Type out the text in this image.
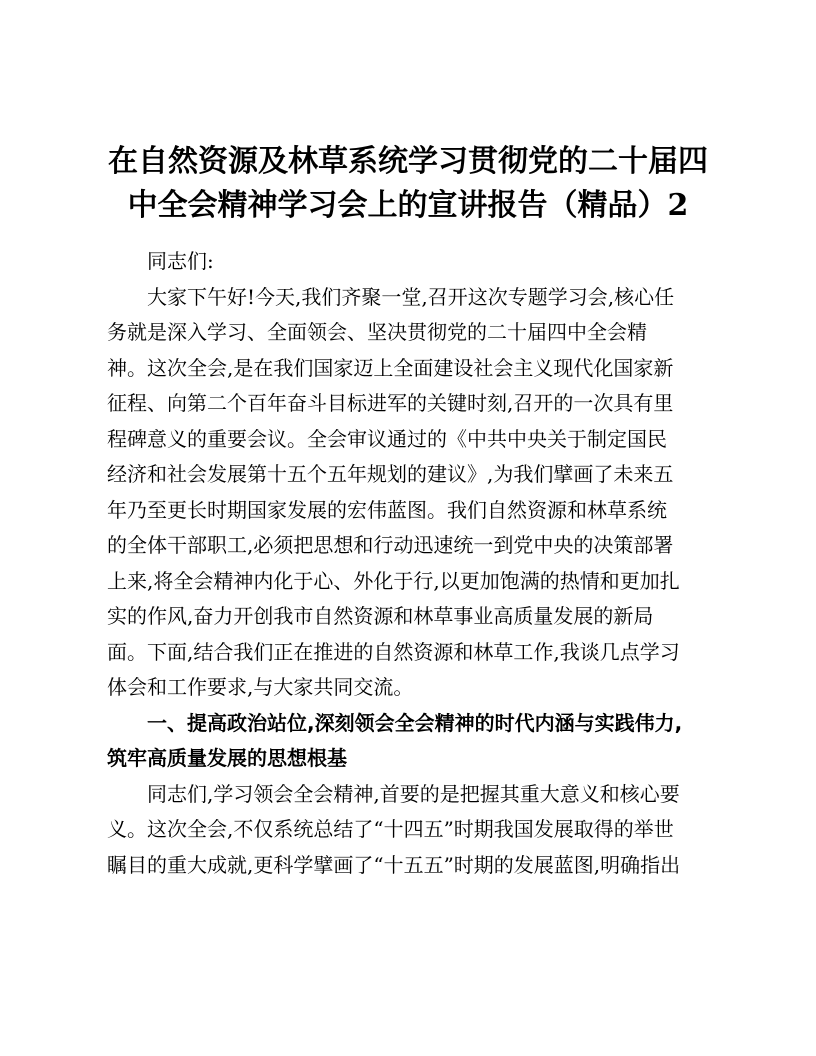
在自然资源及林草系统学习贯彻党的二十届四
中全会精神学习会上的宣讲报告（精品）2

同志们:

大家下午好!今天,我们齐聚一堂,召开这次专题学习会,核心任
务就是深入学习、全面领会、坚决贯彻党的二十届四中全会精
神。这次全会,是在我们国家迈上全面建设社会主义现代化国家新
征程、向第二个百年奋斗目标进军的关键时刻,召开的一次具有里
程碑意义的重要会议。全会审议通过的《中共中央关于制定国民
经济和社会发展第十五个五年规划的建议》,为我们擘画了未来五
年乃至更长时期国家发展的宏伟蓝图。我们自然资源和林草系统
的全体干部职工,必须把思想和行动迅速统一到党中央的决策部署
上来,将全会精神内化于心、外化于行,以更加饱满的热情和更加扎
实的作风,奋力开创我市自然资源和林草事业高质量发展的新局
面。下面,结合我们正在推进的自然资源和林草工作,我谈几点学习
体会和工作要求,与大家共同交流。

一、提高政治站位,深刻领会全会精神的时代内涵与实践伟力,
筑牢高质量发展的思想根基

同志们,学习领会全会精神,首要的是把握其重大意义和核心要
义。这次全会,不仅系统总结了“十四五”时期我国发展取得的举世
瞩目的重大成就,更科学擘画了“十五五”时期的发展蓝图,明确指出
